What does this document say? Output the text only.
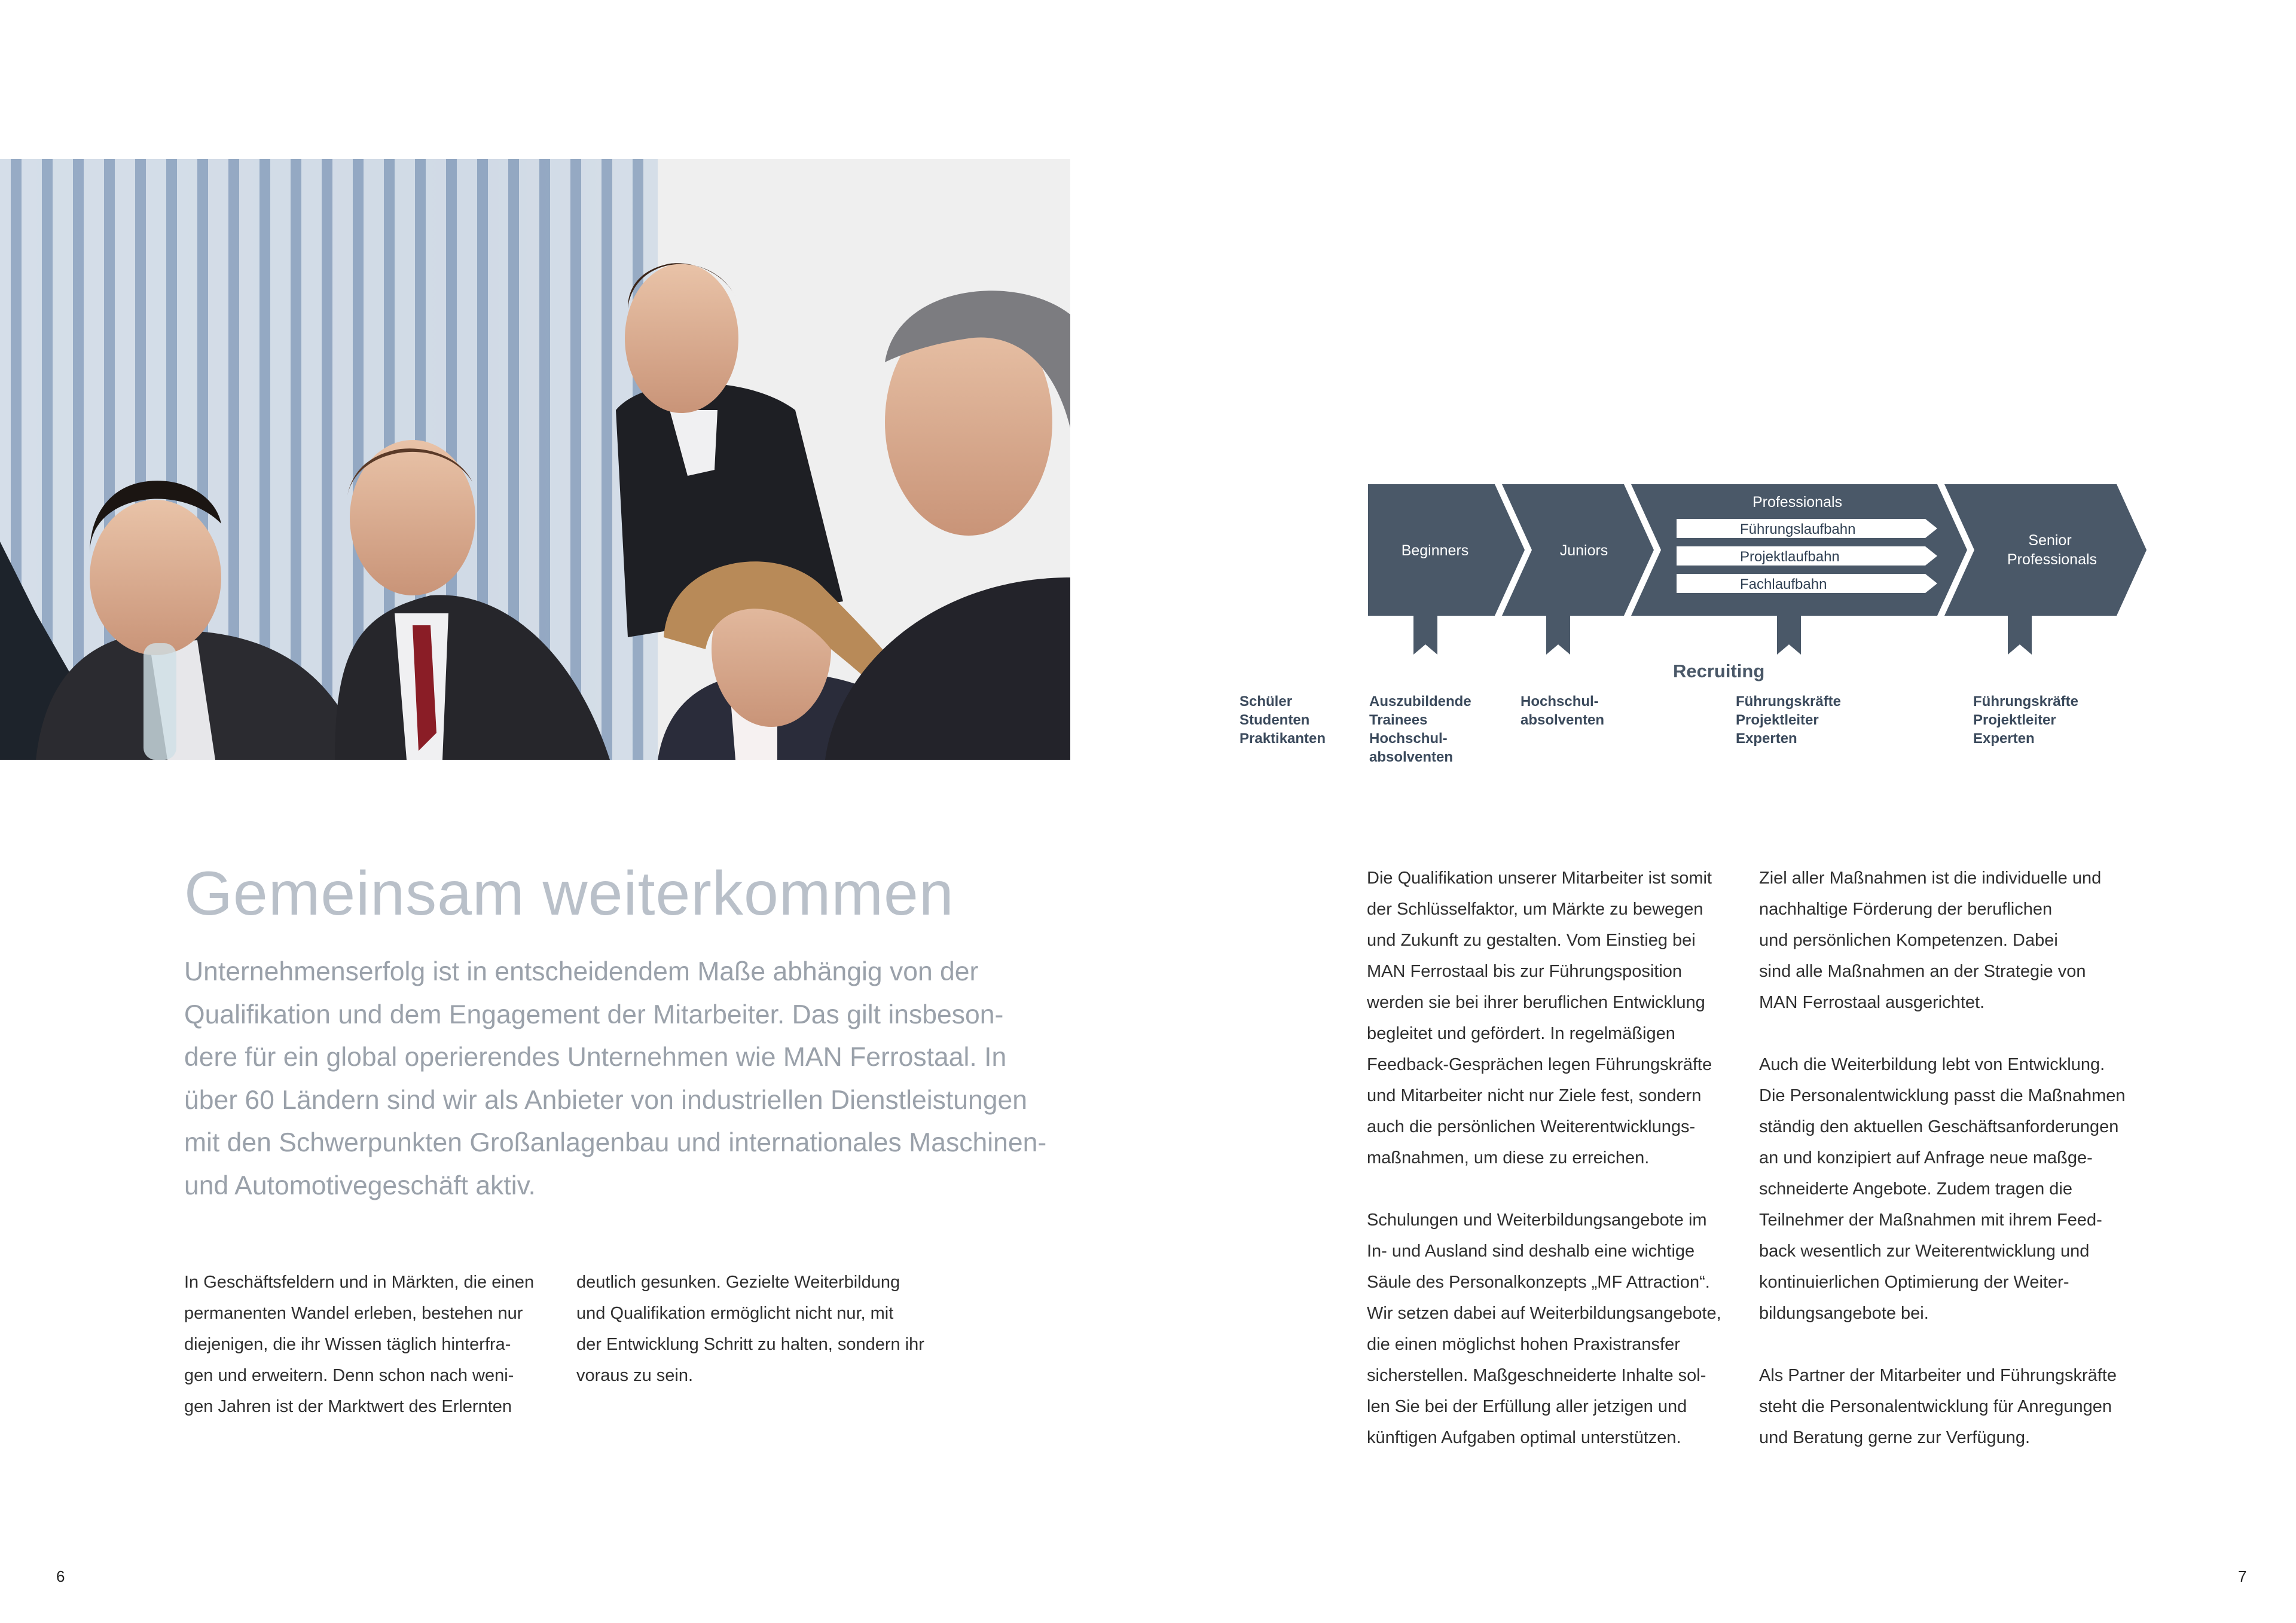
Beginners	Juniors
Professionals
Senior Professionals
Führungslaufbahn
Projektlaufbahn
Fachlaufbahn
Recruiting
Schüler
Studenten
Praktikanten
Auszubildende
Trainees
Hochschul-
absolventen
Hochschul-
absolventen
Führungskräfte
Projektleiter
Experten
Führungskräfte
Projektleiter
Experten
Gemeinsam weiterkommen

Unternehmenserfolg ist in entscheidendem Maße abhängig von der
Qualifikation und dem Engagement der Mitarbeiter. Das gilt insbeson-
dere für ein global operierendes Unternehmen wie MAN Ferrostaal. In
über 60 Ländern sind wir als Anbieter von industriellen Dienstleistungen
mit den Schwerpunkten Großanlagenbau und internationales Maschinen-
und Automotivegeschäft aktiv.

In Geschäftsfeldern und in Märkten, die einen
permanenten Wandel erleben, bestehen nur
diejenigen, die ihr Wissen täglich hinterfra-
gen und erweitern. Denn schon nach weni-
gen Jahren ist der Marktwert des Erlernten

deutlich gesunken. Gezielte Weiterbildung
und Qualifikation ermöglicht nicht nur, mit
der Entwicklung Schritt zu halten, sondern ihr
voraus zu sein.

Die Qualifikation unserer Mitarbeiter ist somit
der Schlüsselfaktor, um Märkte zu bewegen
und Zukunft zu gestalten. Vom Einstieg bei
MAN Ferrostaal bis zur Führungsposition
werden sie bei ihrer beruflichen Entwicklung
begleitet und gefördert. In regelmäßigen
Feedback-Gesprächen legen Führungskräfte
und Mitarbeiter nicht nur Ziele fest, sondern
auch die persönlichen Weiterentwicklungs-
maßnahmen, um diese zu erreichen.

Schulungen und Weiterbildungsangebote im
In- und Ausland sind deshalb eine wichtige
Säule des Personalkonzepts „MF Attraction“.
Wir setzen dabei auf Weiterbildungsangebote,
die einen möglichst hohen Praxistransfer
sicherstellen. Maßgeschneiderte Inhalte sol-
len Sie bei der Erfüllung aller jetzigen und
künftigen Aufgaben optimal unterstützen.

Ziel aller Maßnahmen ist die individuelle und
nachhaltige Förderung der beruflichen
und persönlichen Kompetenzen. Dabei
sind alle Maßnahmen an der Strategie von
MAN Ferrostaal ausgerichtet.

Auch die Weiterbildung lebt von Entwicklung.
Die Personalentwicklung passt die Maßnahmen
ständig den aktuellen Geschäftsanforderungen
an und konzipiert auf Anfrage neue maßge-
schneiderte Angebote. Zudem tragen die
Teilnehmer der Maßnahmen mit ihrem Feed-
back wesentlich zur Weiterentwicklung und
kontinuierlichen Optimierung der Weiter-
bildungsangebote bei.

Als Partner der Mitarbeiter und Führungskräfte
steht die Personalentwicklung für Anregungen
und Beratung gerne zur Verfügung.

6	7
